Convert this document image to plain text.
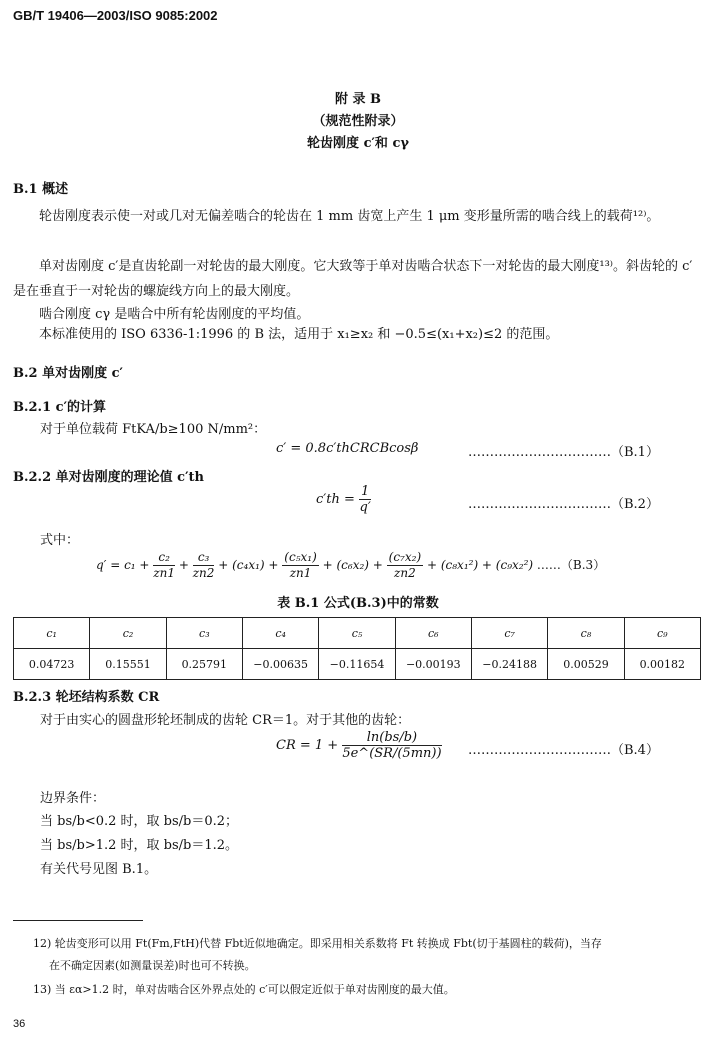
GB/T 19406—2003/ISO 9085:2002
附 录 B
（规范性附录）
轮齿刚度 c′和 cγ
B.1 概述
轮齿刚度表示使一对或几对无偏差啮合的轮齿在 1 mm 齿宽上产生 1 μm 变形量所需的啮合线上的载荷¹²⁾。
单对齿刚度 c′是直齿轮副一对轮齿的最大刚度。它大致等于单对齿啮合状态下一对轮齿的最大刚度¹³⁾。斜齿轮的 c′是在垂直于一对轮齿的螺旋线方向上的最大刚度。
啮合刚度 cγ 是啮合中所有轮齿刚度的平均值。
本标准使用的 ISO 6336-1:1996 的 B 法，适用于 x₁≥x₂ 和 −0.5≤(x₁+x₂)≤2 的范围。
B.2 单对齿刚度 c′
B.2.1 c′的计算
对于单位载荷 FtKA/b≥100 N/mm²：
c′ = 0.8c′thCRCBcosβ	……………………………（B.1）
B.2.2 单对齿刚度的理论值 c′th
$c'th = \frac{1}{q'}$	……………………………（B.2）
式中：
$q' = c_1 + \frac{\text{c₂}}{zn1} + \frac{\text{c₃}}{zn2} + (c_4x_1) + \frac{\text{(c₅x₁)}}{zn1} + (c_6x_2) + \frac{\text{(c₇x₂)}}{zn2} + (c_8x_1^2) + (c_9x_2^2)$ ……（B.3）
表 B.1 公式(B.3)中的常数
c₁	c₂	c₃	c₄	c₅	c₆	c₇	c₈	c₉
0.04723	0.15551	0.25791	−0.00635	−0.11654	−0.00193	−0.24188	0.00529	0.00182
B.2.3 轮坯结构系数 CR
对于由实心的圆盘形轮坯制成的齿轮 CR＝1。对于其他的齿轮：
CR = $1 + \frac{\ln(bs/b)}{5e\^{}(SR/(5mn))}$ ……………………………（B.4）
边界条件：
当 bs/b<0.2 时，取 bs/b＝0.2；
当 bs/b>1.2 时，取 bs/b＝1.2。
有关代号见图 B.1。
12) 轮齿变形可以用 Ft(Fm,FtH)代替 Fbt近似地确定。即采用相关系数将 Ft 转换成 Fbt(切于基圆柱的载荷)，当存
在不确定因素(如测量误差)时也可不转换。
13) 当 εα>1.2 时，单对齿啮合区外界点处的 c′可以假定近似于单对齿刚度的最大值。
36
